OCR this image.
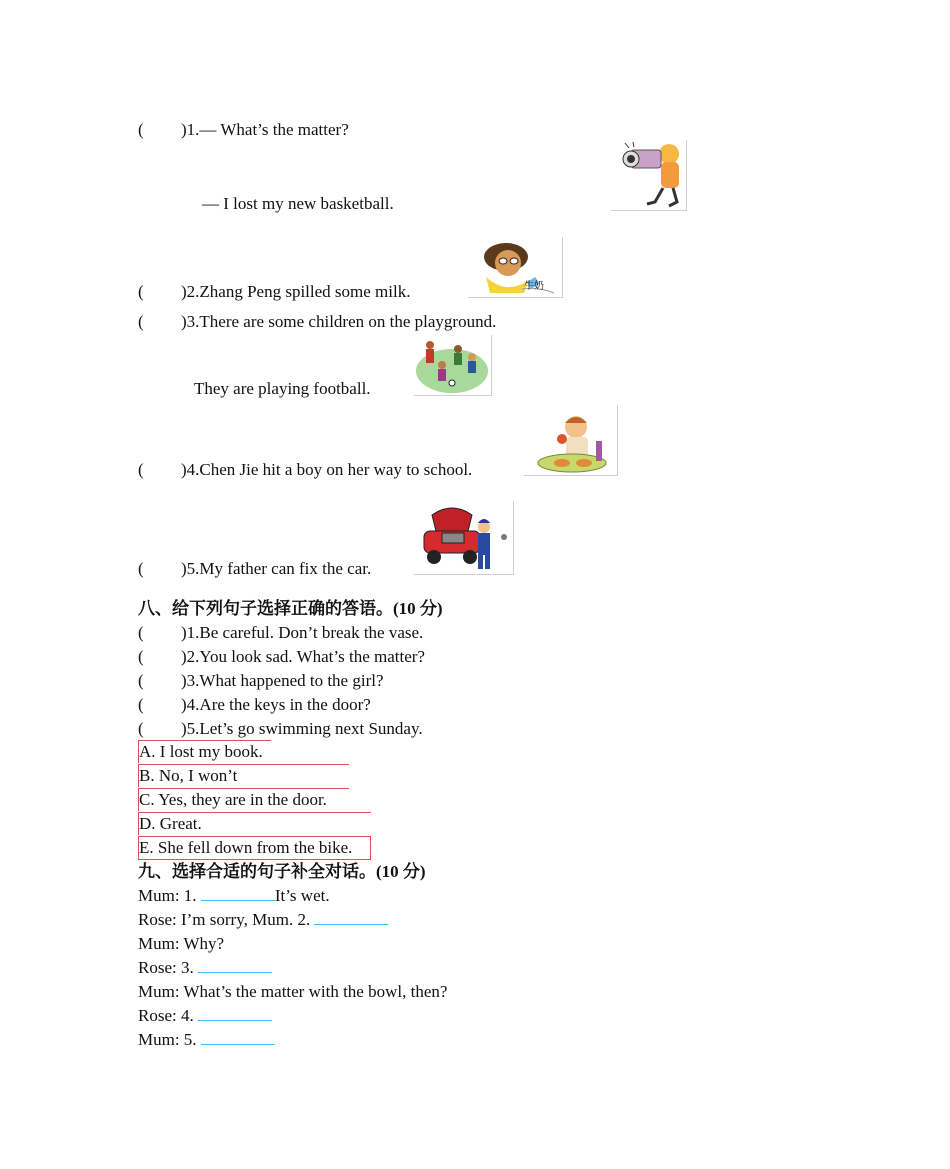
( )1.— What’s the matter?
— I lost my new basketball.
牛奶
( )2.Zhang Peng spilled some milk.
( )3.There are some children on the playground.
They are playing football.
( )4.Chen Jie hit a boy on her way to school.
( )5.My father can fix the car.
八、给下列句子选择正确的答语。(10 分)
( )1.Be careful. Don’t break the vase.
( )2.You look sad. What’s the matter?
( )3.What happened to the girl?
( )4.Are the keys in the door?
( )5.Let’s go swimming next Sunday.
A. I lost my book.
B. No, I won’t
C. Yes, they are in the door.
D. Great.
E. She fell down from the bike.
九、选择合适的句子补全对话。(10 分)
Mum: 1.	It’s wet.
Rose: I’m sorry, Mum. 2.
Mum: Why?
Rose: 3.
Mum: What’s the matter with the bowl, then?
Rose: 4.
Mum: 5.
